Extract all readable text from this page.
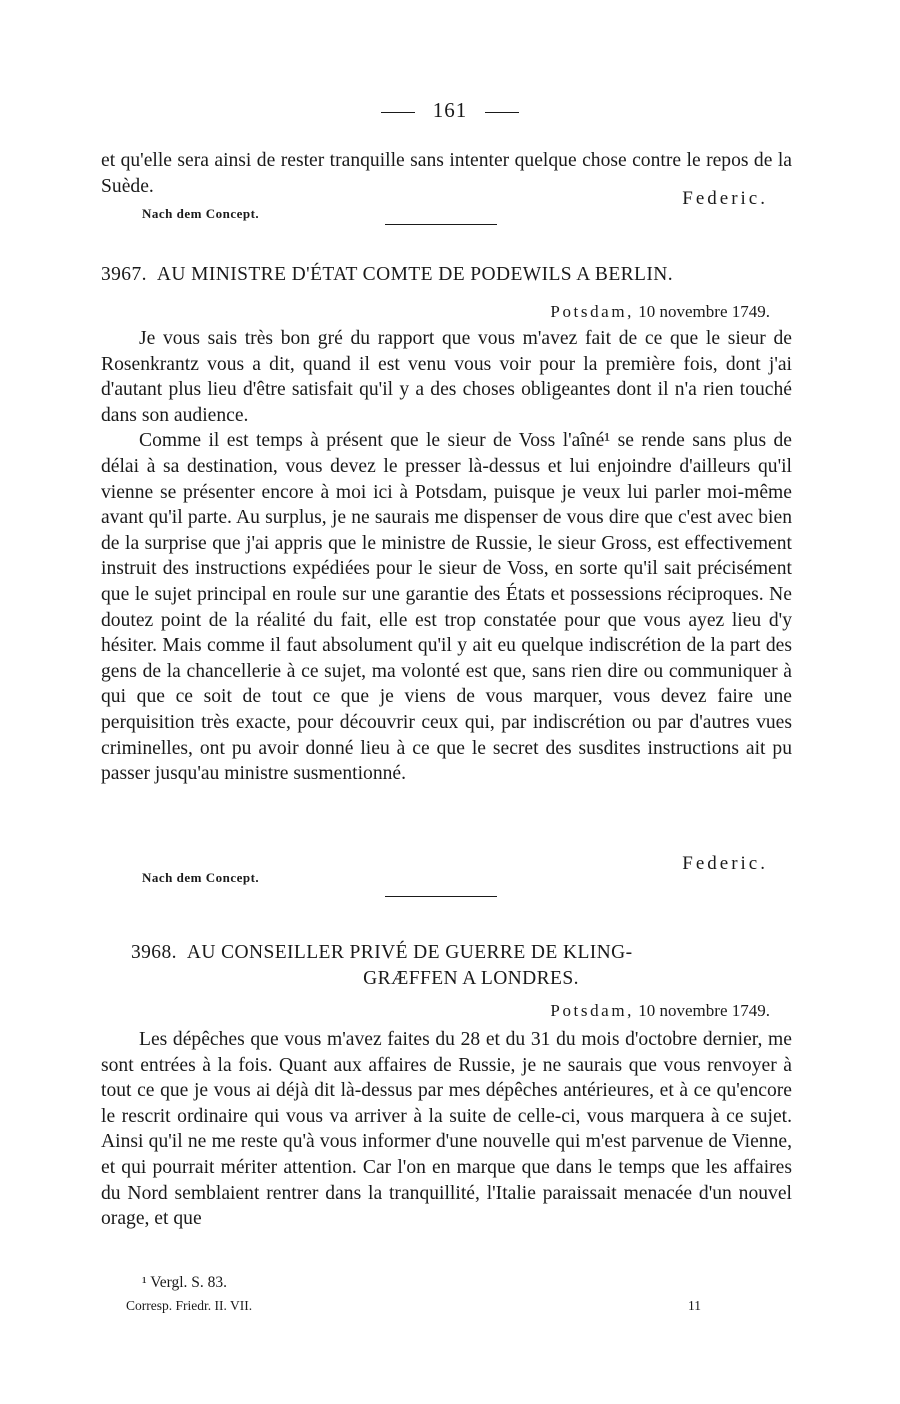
161

et qu'elle sera ainsi de rester tranquille sans intenter quelque chose contre le repos de la Suède.

Federic.
Nach dem Concept.
3967. AU MINISTRE D'ÉTAT COMTE DE PODEWILS A BERLIN.
Potsdam, 10 novembre 1749.

Je vous sais très bon gré du rapport que vous m'avez fait de ce que le sieur de Rosenkrantz vous a dit, quand il est venu vous voir pour la première fois, dont j'ai d'autant plus lieu d'être satisfait qu'il y a des choses obligeantes dont il n'a rien touché dans son audience.

Comme il est temps à présent que le sieur de Voss l'aîné¹ se rende sans plus de délai à sa destination, vous devez le presser là-dessus et lui enjoindre d'ailleurs qu'il vienne se présenter encore à moi ici à Potsdam, puisque je veux lui parler moi-même avant qu'il parte. Au surplus, je ne saurais me dispenser de vous dire que c'est avec bien de la surprise que j'ai appris que le ministre de Russie, le sieur Gross, est effectivement instruit des instructions expédiées pour le sieur de Voss, en sorte qu'il sait précisément que le sujet principal en roule sur une garantie des États et possessions réciproques. Ne doutez point de la réalité du fait, elle est trop constatée pour que vous ayez lieu d'y hésiter. Mais comme il faut absolument qu'il y ait eu quelque indiscrétion de la part des gens de la chancellerie à ce sujet, ma volonté est que, sans rien dire ou communiquer à qui que ce soit de tout ce que je viens de vous marquer, vous devez faire une perquisition très exacte, pour découvrir ceux qui, par indiscrétion ou par d'autres vues criminelles, ont pu avoir donné lieu à ce que le secret des susdites instructions ait pu passer jusqu'au ministre susmentionné.

Federic.
Nach dem Concept.
3968. AU CONSEILLER PRIVÉ DE GUERRE DE KLING-
GRÆFFEN A LONDRES.
Potsdam, 10 novembre 1749.

Les dépêches que vous m'avez faites du 28 et du 31 du mois d'octobre dernier, me sont entrées à la fois. Quant aux affaires de Russie, je ne saurais que vous renvoyer à tout ce que je vous ai déjà dit là-dessus par mes dépêches antérieures, et à ce qu'encore le rescrit ordinaire qui vous va arriver à la suite de celle-ci, vous marquera à ce sujet. Ainsi qu'il ne me reste qu'à vous informer d'une nouvelle qui m'est parvenue de Vienne, et qui pourrait mériter attention. Car l'on en marque que dans le temps que les affaires du Nord semblaient rentrer dans la tranquillité, l'Italie paraissait menacée d'un nouvel orage, et que

¹ Vergl. S. 83.
Corresp. Friedr. II. VII.	11
